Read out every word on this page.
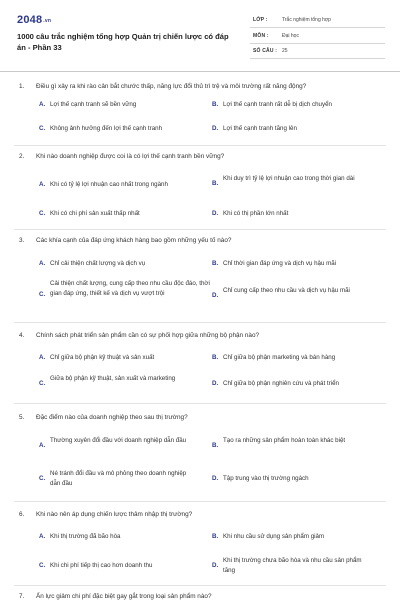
2048.vn
1000 câu trắc nghiệm tổng hợp Quản trị chiến lược có đáp án - Phần 33
LỚP :	Trắc nghiệm tổng hợp
MÔN :	Đại học
SỐ CÂU : 25
1. Điều gì xảy ra khi rào cản bắt chước thấp, năng lực đổi thủ trì trệ và môi trường rất năng động?
A. Lợi thế cạnh tranh sẽ bền vững	B. Lợi thế cạnh tranh rất dễ bị dịch chuyển
C. Không ảnh hưởng đến lợi thế cạnh tranh	D. Lợi thế cạnh tranh tăng lên
2. Khi nào doanh nghiệp được coi là có lợi thế cạnh tranh bền vững?
A. Khi có tỷ lệ lợi nhuận cao nhất trong ngành	B.
Khi duy trì tỷ lệ lợi nhuận cao trong thời gian dài
C. Khi có chi phí sản xuất thấp nhất	D. Khi có thị phần lớn nhất
3. Các khía cạnh của đáp ứng khách hàng bao gồm những yếu tố nào?
A. Chỉ cải thiện chất lượng và dịch vụ	B. Chỉ thời gian đáp ứng và dịch vụ hậu mãi
C.
Cải thiện chất lượng, cung cấp theo nhu cầu độc đáo, thời gian đáp ứng, thiết kế và dịch vụ vượt trội	D.
Chỉ cung cấp theo nhu cầu và dịch vụ hậu mãi
4. Chính sách phát triển sản phẩm cần có sự phối hợp giữa những bộ phận nào?
A. Chỉ giữa bộ phận kỹ thuật và sản xuất	B. Chỉ giữa bộ phận marketing và bán hàng
C.
Giữa bộ phận kỹ thuật, sản xuất và marketing
D. Chỉ giữa bộ phận nghiên cứu và phát triển
5. Đặc điểm nào của doanh nghiệp theo sau thị trường?
A.
Thường xuyên đổi đầu với doanh nghiệp dẫn đầu
B.
Tạo ra những sản phẩm hoàn toàn khác biệt
C.
Né tránh đổi đầu và mô phỏng theo doanh nghiệp dẫn đầu
D. Tập trung vào thị trường ngách
6. Khi nào nên áp dụng chiến lược thâm nhập thị trường?
A. Khi thị trường đã bão hòa	B. Khi nhu cầu sử dụng sản phẩm giảm
C. Khi chi phí tiếp thị cao hơn doanh thu	D.
Khi thị trường chưa bão hòa và nhu cầu sản phẩm tăng
7. Ấn lực giảm chi phí đặc biệt gay gắt trong loại sản phẩm nào?
